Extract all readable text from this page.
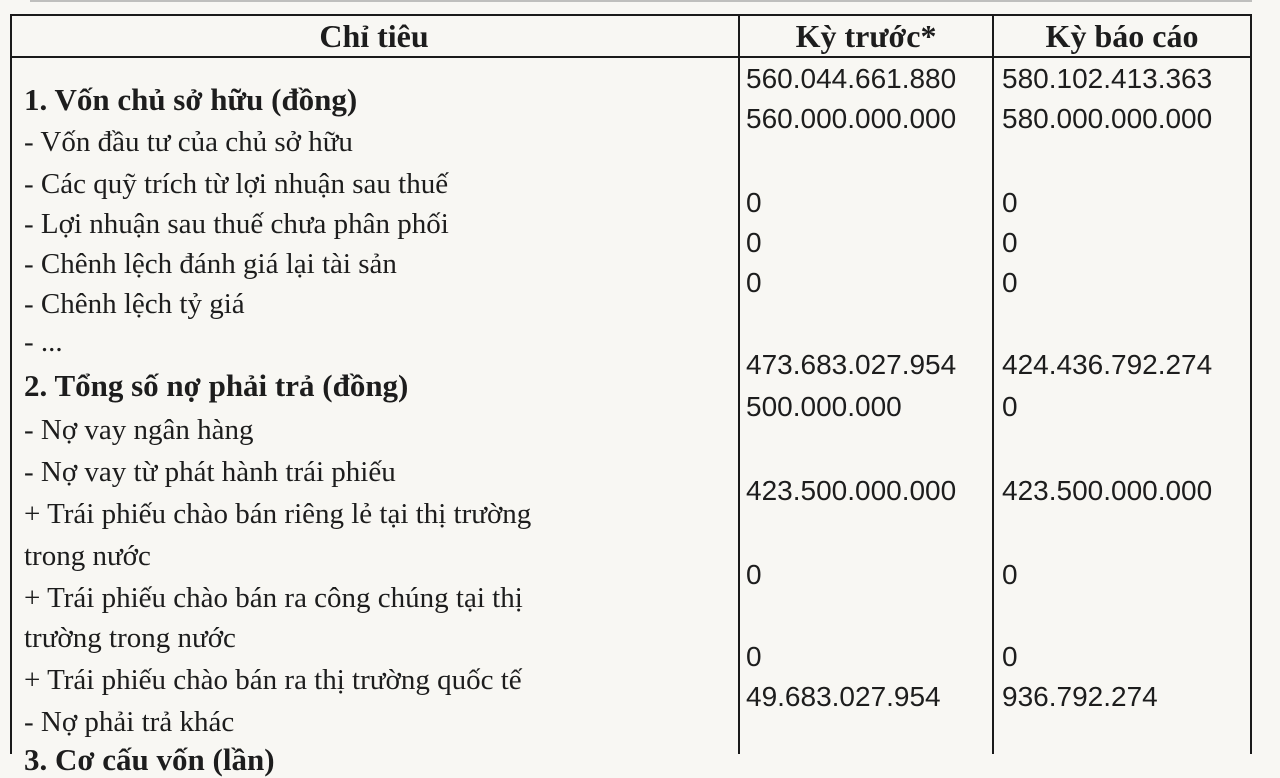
Chỉ tiêu	Kỳ trước*	Kỳ báo cáo
1. Vốn chủ sở hữu (đồng)
- Vốn đầu tư của chủ sở hữu
- Các quỹ trích từ lợi nhuận sau thuế
- Lợi nhuận sau thuế chưa phân phối
- Chênh lệch đánh giá lại tài sản
- Chênh lệch tỷ giá
- ...
2. Tổng số nợ phải trả (đồng)
- Nợ vay ngân hàng
- Nợ vay từ phát hành trái phiếu
+ Trái phiếu chào bán riêng lẻ tại thị trường
trong nước
+ Trái phiếu chào bán ra công chúng tại thị
trường trong nước
+ Trái phiếu chào bán ra thị trường quốc tế
- Nợ phải trả khác
3. Cơ cấu vốn (lần)
560.044.661.880
560.000.000.000
0
0
0
473.683.027.954
500.000.000
423.500.000.000
0
0
49.683.027.954
580.102.413.363
580.000.000.000
0
0
0
424.436.792.274
0
423.500.000.000
0
0
936.792.274
